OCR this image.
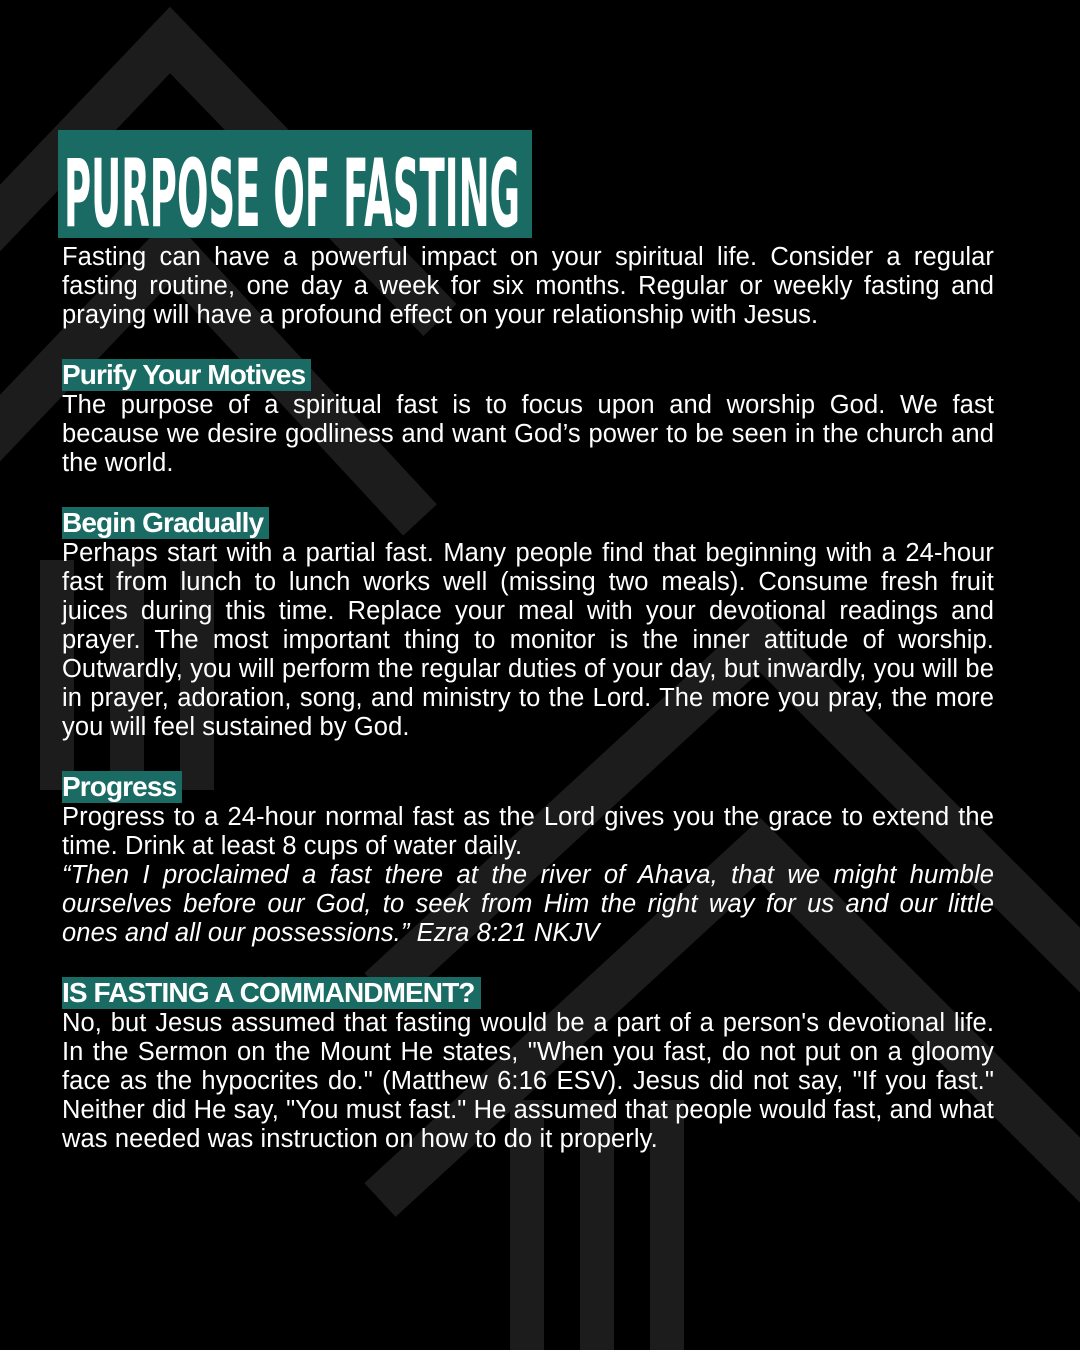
PURPOSE OF FASTING

Fasting can have a powerful impact on your spiritual life. Consider a regular fasting routine, one day a week for six months. Regular or weekly fasting and praying will have a profound effect on your relationship with Jesus.

Purify Your Motives

The purpose of a spiritual fast is to focus upon and worship God. We fast because we desire godliness and want God’s power to be seen in the church and the world.

Begin Gradually

Perhaps start with a partial fast. Many people find that beginning with a 24-hour fast from lunch to lunch works well (missing two meals). Consume fresh fruit juices during this time. Replace your meal with your devotional readings and prayer. The most important thing to monitor is the inner attitude of worship. Outwardly, you will perform the regular duties of your day, but inwardly, you will be in prayer, adoration, song, and ministry to the Lord. The more you pray, the more you will feel sustained by God.

Progress

Progress to a 24-hour normal fast as the Lord gives you the grace to extend the time. Drink at least 8 cups of water daily.

“Then I proclaimed a fast there at the river of Ahava, that we might humble ourselves before our God, to seek from Him the right way for us and our little ones and all our possessions.” Ezra 8:21 NKJV

IS FASTING A COMMANDMENT?

No, but Jesus assumed that fasting would be a part of a person's devotional life. In the Sermon on the Mount He states, "When you fast, do not put on a gloomy face as the hypocrites do." (Matthew 6:16 ESV). Jesus did not say, "If you fast." Neither did He say, "You must fast." He assumed that people would fast, and what was needed was instruction on how to do it properly.
